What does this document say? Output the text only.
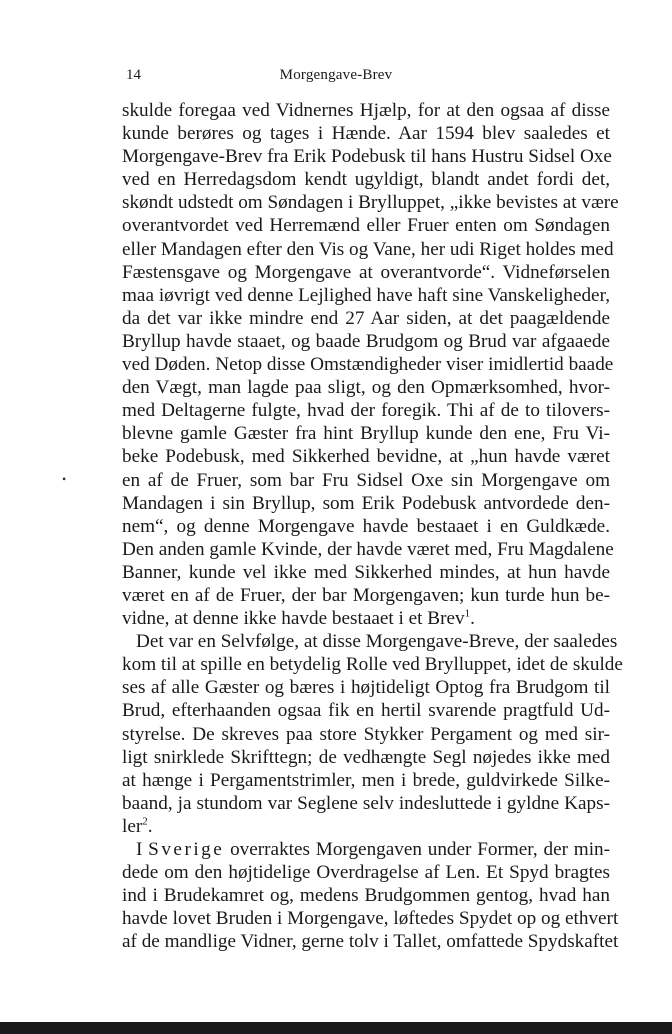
14	Morgengave-Brev
•
skulde foregaa ved Vidnernes Hjælp, for at den ogsaa af disse
kunde berøres og tages i Hænde. Aar 1594 blev saaledes et
Morgengave-Brev fra Erik Podebusk til hans Hustru Sidsel Oxe
ved en Herredagsdom kendt ugyldigt, blandt andet fordi det,
skøndt udstedt om Søndagen i Brylluppet, „ikke bevistes at være
overantvordet ved Herremænd eller Fruer enten om Søndagen
eller Mandagen efter den Vis og Vane, her udi Riget holdes med
Fæstensgave og Morgengave at overantvorde“. Vidneførselen
maa iøvrigt ved denne Lejlighed have haft sine Vanskeligheder,
da det var ikke mindre end 27 Aar siden, at det paagældende
Bryllup havde staaet, og baade Brudgom og Brud var afgaaede
ved Døden. Netop disse Omstændigheder viser imidlertid baade
den Vægt, man lagde paa sligt, og den Opmærksomhed, hvor-
med Deltagerne fulgte, hvad der foregik. Thi af de to tilovers-
blevne gamle Gæster fra hint Bryllup kunde den ene, Fru Vi-
beke Podebusk, med Sikkerhed bevidne, at „hun havde været
en af de Fruer, som bar Fru Sidsel Oxe sin Morgengave om
Mandagen i sin Bryllup, som Erik Podebusk antvordede den-
nem“, og denne Morgengave havde bestaaet i en Guldkæde.
Den anden gamle Kvinde, der havde været med, Fru Magdalene
Banner, kunde vel ikke med Sikkerhed mindes, at hun havde
været en af de Fruer, der bar Morgengaven; kun turde hun be-
vidne, at denne ikke havde bestaaet i et Brev$^1$.
Det var en Selvfølge, at disse Morgengave-Breve, der saaledes
kom til at spille en betydelig Rolle ved Brylluppet, idet de skulde
ses af alle Gæster og bæres i højtideligt Optog fra Brudgom til
Brud, efterhaanden ogsaa fik en hertil svarende pragtfuld Ud-
styrelse. De skreves paa store Stykker Pergament og med sir-
ligt snirklede Skrifttegn; de vedhængte Segl nøjedes ikke med
at hænge i Pergamentstrimler, men i brede, guldvirkede Silke-
baand, ja stundom var Seglene selv indesluttede i gyldne Kaps-
ler$^2$.
I Sverige overraktes Morgengaven under Former, der min-
dede om den højtidelige Overdragelse af Len. Et Spyd bragtes
ind i Brudekamret og, medens Brudgommen gentog, hvad han
havde lovet Bruden i Morgengave, løftedes Spydet op og ethvert
af de mandlige Vidner, gerne tolv i Tallet, omfattede Spydskaftet
